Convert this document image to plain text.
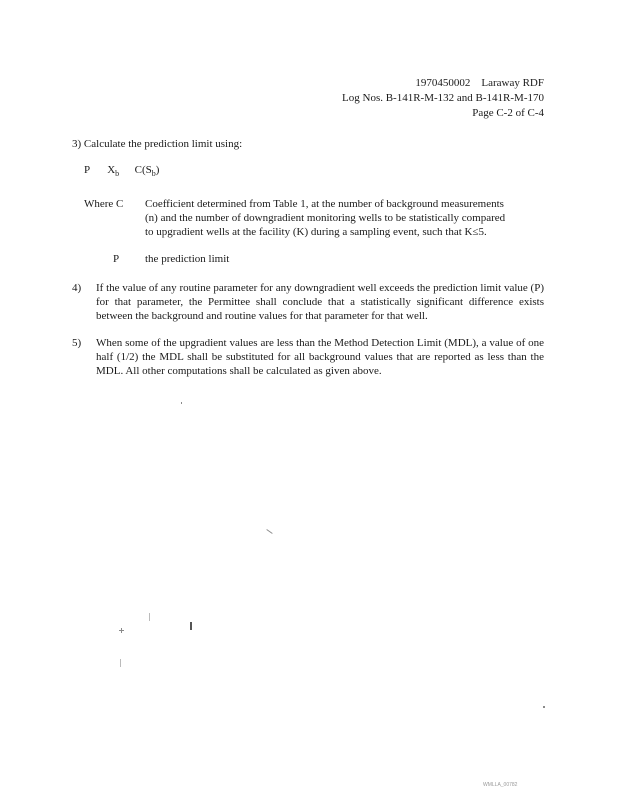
1970450002 Laraway RDF
Log Nos. B-141R-M-132 and B-141R-M-170
Page C-2 of C-4
3) Calculate the prediction limit using:
P $X_b$ $C(S_b)$
Where C Coefficient determined from Table 1, at the number of background measurements
(n) and the number of downgradient monitoring wells to be statistically compared
to upgradient wells at the facility (K) during a sampling event, such that K≤5.
P the prediction limit
4) If the value of any routine parameter for any downgradient well exceeds the prediction limit value (P) for that parameter, the Permittee shall conclude that a statistically significant difference exists between the background and routine values for that parameter for that well.
5) When some of the upgradient values are less than the Method Detection Limit (MDL), a value of one half (1/2) the MDL shall be substituted for all background values that are reported as less than the MDL. All other computations shall be calculated as given above.
WMLLA_00782
